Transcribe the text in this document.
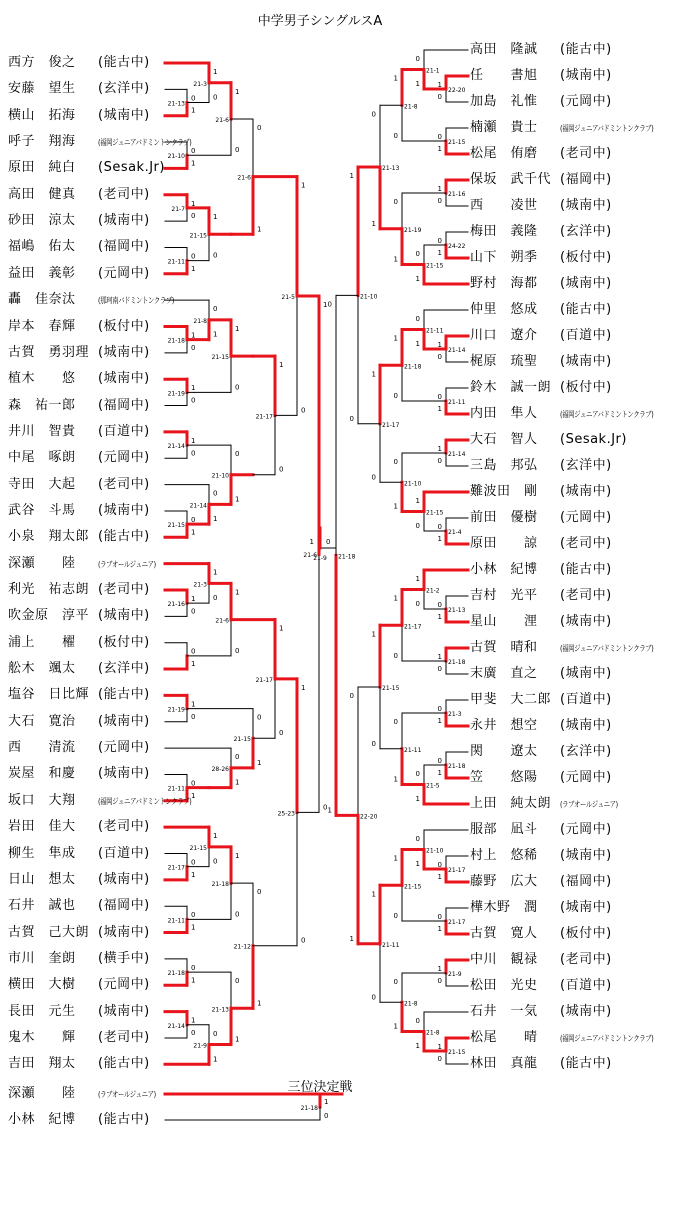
中学男子シングルスA
0
1
21-13
1
0
21-3
0
1
21-10
1
0
21-6
1
0
21-7
0
1
21-11
1
0
21-15
0
1
21-6
1
0
21-18
0
1
21-8
1
0
21-19
1
0
21-15
1
0
21-14
0
1
21-15
0
1
21-14
0
1
21-10
1
0
21-17
1
0
21-5
1
0
21-16
1
0
21-3
0
1
1
0
21-6
1
0
21-19
0
1
21-11
0
1
28-26
0
1
21-15
1
0
21-17
0
1
21-17
1
0
21-15
0
1
21-11
1
0
21-18
0
1
21-18
1
0
21-14
0
1
21-9
0
1
21-13
0
1
21-12
1
0
25-23
1
0
21-6
1
0
22-20
0
1
21-1
0
1
21-15
1
0
21-8
1
0
21-16
0
1
24-22
0
1
21-15
0
1
21-19
0
1
21-13
1
0
21-14
0
1
21-11
0
1
21-11
1
0
21-18
1
0
21-14
0
1
21-4
1
0
21-15
0
1
21-10
1
0
21-17
1
0
21-10
0
1
21-13
1
0
21-2
1
0
21-18
1
0
21-17
0
1
21-3
0
1
21-18
0
1
21-5
0
1
21-11
1
0
21-15
0
1
21-17
0
1
21-10
0
1
21-17
1
0
21-15
1
0
21-9
1
0
21-15
0
1
21-8
0
1
21-8
1
0
21-11
0
1
22-20
0
1
21-18
1 0
21-9
1
0
21-18
三位決定戦
西方　俊之 (能古中)
安藤　望生 (玄洋中)
横山　拓海 (城南中)
呼子　翔海	(福岡ジュニアバドミントンクラブ)
原田　純白 (Sesak.Jr)
高田　健真 (老司中)
砂田　涼太 (城南中)
福嶋　佑太 (福岡中)
益田　義彰 (元岡中)
轟　佳奈汰	(那珂南バドミントンクラブ)
岸本　春輝 (板付中)
古賀　勇羽理 (城南中)
植木　　悠 (城南中)
森　祐一郎 (福岡中)
井川　智貴 (百道中)
中尾　啄朗 (元岡中)
寺田　大起 (老司中)
武谷　斗馬 (城南中)
小泉　翔太郎 (能古中)
深瀬　　陸	(ラブオールジュニア)
利光　祐志朗 (老司中)
吹金原　淳平 (城南中)
浦上　　櫂 (板付中)
舩木　颯太 (玄洋中)
塩谷　日比輝 (能古中)
大石　寛治 (城南中)
西　　清流 (元岡中)
炭屋　和慶 (城南中)
坂口　大翔	(福岡ジュニアバドミントンクラブ)
岩田　佳大 (老司中)
柳生　隼成 (百道中)
日山　想太 (城南中)
石井　誠也 (福岡中)
古賀　己大朗 (城南中)
市川　奎朗 (横手中)
横田　大樹 (元岡中)
長田　元生 (城南中)
鬼木　　輝 (老司中)
吉田　翔太 (能古中)
高田　隆誠 (能古中)
任　　書旭 (城南中)
加島　礼惟 (元岡中)
楠瀬　貴士	(福岡ジュニアバドミントンクラブ)
松尾　侑磨 (老司中)
保坂　武千代 (福岡中)
西　　凌世 (城南中)
梅田　義隆 (玄洋中)
山下　朔季 (板付中)
野村　海都 (城南中)
仲里　悠成 (能古中)
川口　遼介 (百道中)
梶原　琉聖 (城南中)
鈴木　誠一朗 (板付中)
内田　隼人	(福岡ジュニアバドミントンクラブ)
大石　智人 (Sesak.Jr)
三島　邦弘 (玄洋中)
難波田　剛 (城南中)
前田　優樹 (元岡中)
原田　　諒 (老司中)
小林　紀博 (能古中)
吉村　光平 (老司中)
星山　　浬 (城南中)
古賀　晴和	(福岡ジュニアバドミントンクラブ)
末廣　直之 (城南中)
甲斐　大二郎 (百道中)
永井　想空 (城南中)
関　　遼太 (玄洋中)
笠　　悠陽 (元岡中)
上田　純太朗 (ラブオールジュニア)
服部　凪斗 (元岡中)
村上　悠稀 (城南中)
藤野　広大 (福岡中)
樺木野　潤 (城南中)
古賀　寛人 (板付中)
中川　観禄 (老司中)
松田　光史 (百道中)
石井　一気 (城南中)
松尾　　晴	(福岡ジュニアバドミントンクラブ)
林田　真龍 (能古中)
深瀬　　陸	(ラブオールジュニア)
小林　紀博 (能古中)
